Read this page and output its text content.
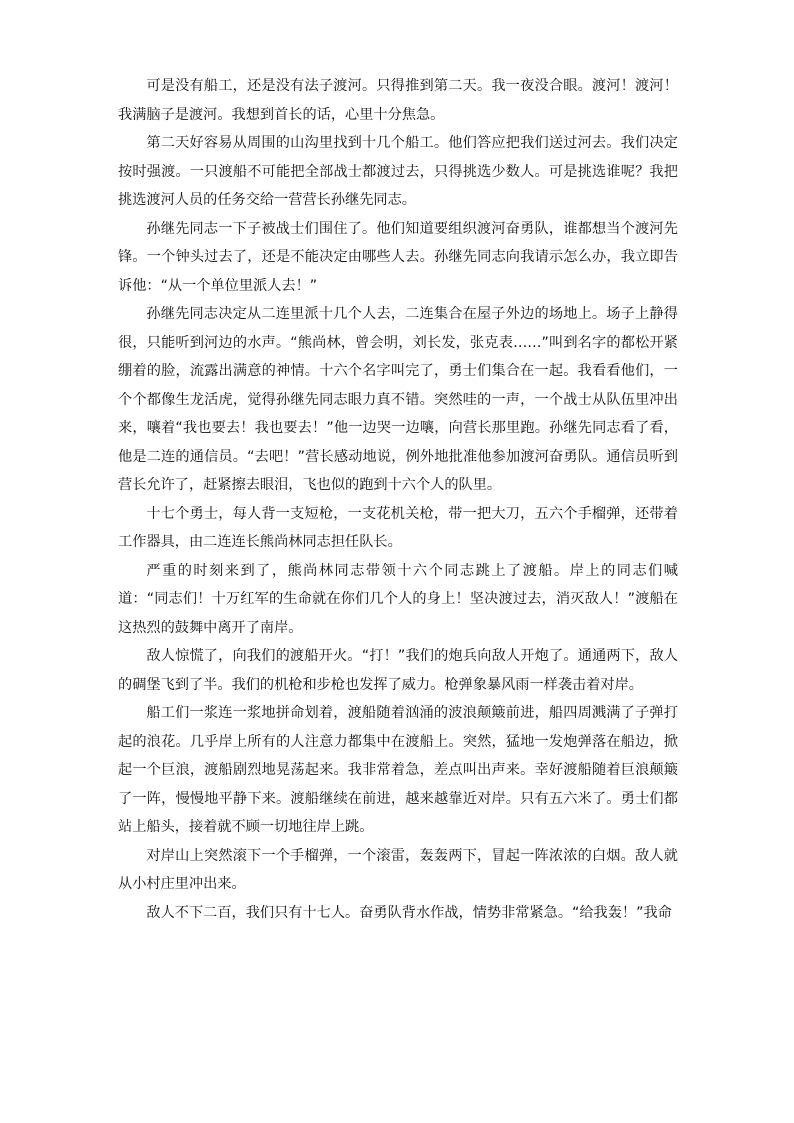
可是没有船工，还是没有法子渡河。只得推到第二天。我一夜没合眼。渡河！渡河！我满脑子是渡河。我想到首长的话，心里十分焦急。

第二天好容易从周围的山沟里找到十几个船工。他们答应把我们送过河去。我们决定按时强渡。一只渡船不可能把全部战士都渡过去，只得挑选少数人。可是挑选谁呢？我把挑选渡河人员的任务交给一营营长孙继先同志。

孙继先同志一下子被战士们围住了。他们知道要组织渡河奋勇队，谁都想当个渡河先锋。一个钟头过去了，还是不能决定由哪些人去。孙继先同志向我请示怎么办，我立即告诉他：“从一个单位里派人去！”

孙继先同志决定从二连里派十几个人去，二连集合在屋子外边的场地上。场子上静得很，只能听到河边的水声。“熊尚林，曾会明，刘长发，张克表……”叫到名字的都松开紧绷着的脸，流露出满意的神情。十六个名字叫完了，勇士们集合在一起。我看看他们，一个个都像生龙活虎，觉得孙继先同志眼力真不错。突然哇的一声，一个战士从队伍里冲出来，嚷着“我也要去！我也要去！”他一边哭一边嚷，向营长那里跑。孙继先同志看了看，他是二连的通信员。“去吧！”营长感动地说，例外地批准他参加渡河奋勇队。通信员听到营长允许了，赶紧擦去眼泪，飞也似的跑到十六个人的队里。

十七个勇士，每人背一支短枪，一支花机关枪，带一把大刀，五六个手榴弹，还带着工作器具，由二连连长熊尚林同志担任队长。

严重的时刻来到了，熊尚林同志带领十六个同志跳上了渡船。岸上的同志们喊道：“同志们！十万红军的生命就在你们几个人的身上！坚决渡过去，消灭敌人！”渡船在这热烈的鼓舞中离开了南岸。

敌人惊慌了，向我们的渡船开火。“打！”我们的炮兵向敌人开炮了。通通两下，敌人的碉堡飞到了半。我们的机枪和步枪也发挥了威力。枪弹象暴风雨一样袭击着对岸。

船工们一浆连一浆地拼命划着，渡船随着汹涌的波浪颠簸前进，船四周溅满了子弹打起的浪花。几乎岸上所有的人注意力都集中在渡船上。突然，猛地一发炮弹落在船边，掀起一个巨浪，渡船剧烈地晃荡起来。我非常着急，差点叫出声来。幸好渡船随着巨浪颠簸了一阵，慢慢地平静下来。渡船继续在前进，越来越靠近对岸。只有五六米了。勇士们都站上船头，接着就不顾一切地往岸上跳。

对岸山上突然滚下一个手榴弹，一个滚雷，轰轰两下，冒起一阵浓浓的白烟。敌人就从小村庄里冲出来。

敌人不下二百，我们只有十七人。奋勇队背水作战，情势非常紧急。“给我轰！”我命
